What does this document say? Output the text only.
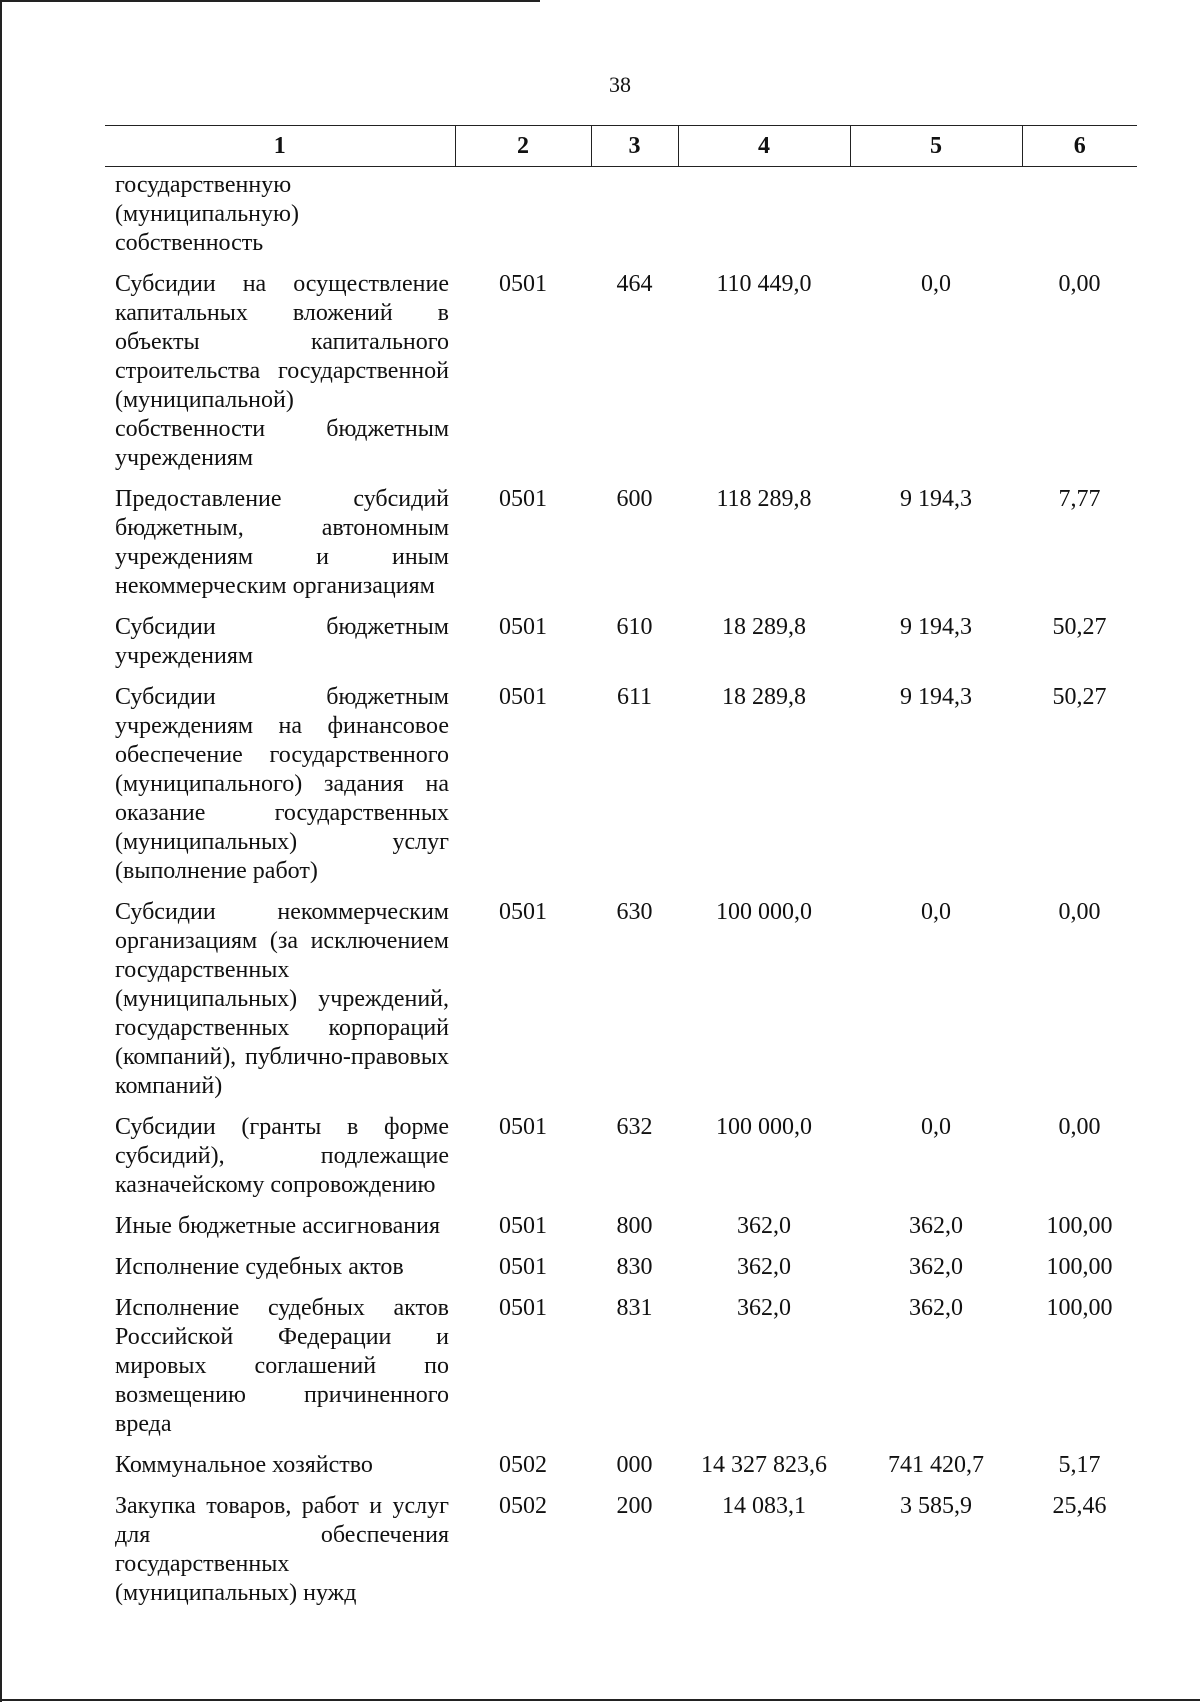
38
1	2	3	4	5	6
государственную (муниципальную) собственность					
Субсидии на осуществление капитальных вложений в объекты капитального строительства государственной (муниципальной) собственности бюджетным учреждениям	0501	464	110 449,0	0,0	0,00
Предоставление субсидий бюджетным, автономным учреждениям и иным некоммерческим организациям	0501	600	118 289,8	9 194,3	7,77
Субсидии бюджетным учреждениям	0501	610	18 289,8	9 194,3	50,27
Субсидии бюджетным учреждениям на финансовое обеспечение государственного (муниципального) задания на оказание государственных (муниципальных) услуг (выполнение работ)	0501	611	18 289,8	9 194,3	50,27
Субсидии некоммерческим организациям (за исключением государственных (муниципальных) учреждений, государственных корпораций (компаний), публично-правовых компаний)	0501	630	100 000,0	0,0	0,00
Субсидии (гранты в форме субсидий), подлежащие казначейскому сопровождению	0501	632	100 000,0	0,0	0,00
Иные бюджетные ассигнования	0501	800	362,0	362,0	100,00
Исполнение судебных актов	0501	830	362,0	362,0	100,00
Исполнение судебных актов Российской Федерации и мировых соглашений по возмещению причиненного вреда	0501	831	362,0	362,0	100,00
Коммунальное хозяйство	0502	000	14 327 823,6	741 420,7	5,17
Закупка товаров, работ и услуг для обеспечения государственных (муниципальных) нужд	0502	200	14 083,1	3 585,9	25,46
